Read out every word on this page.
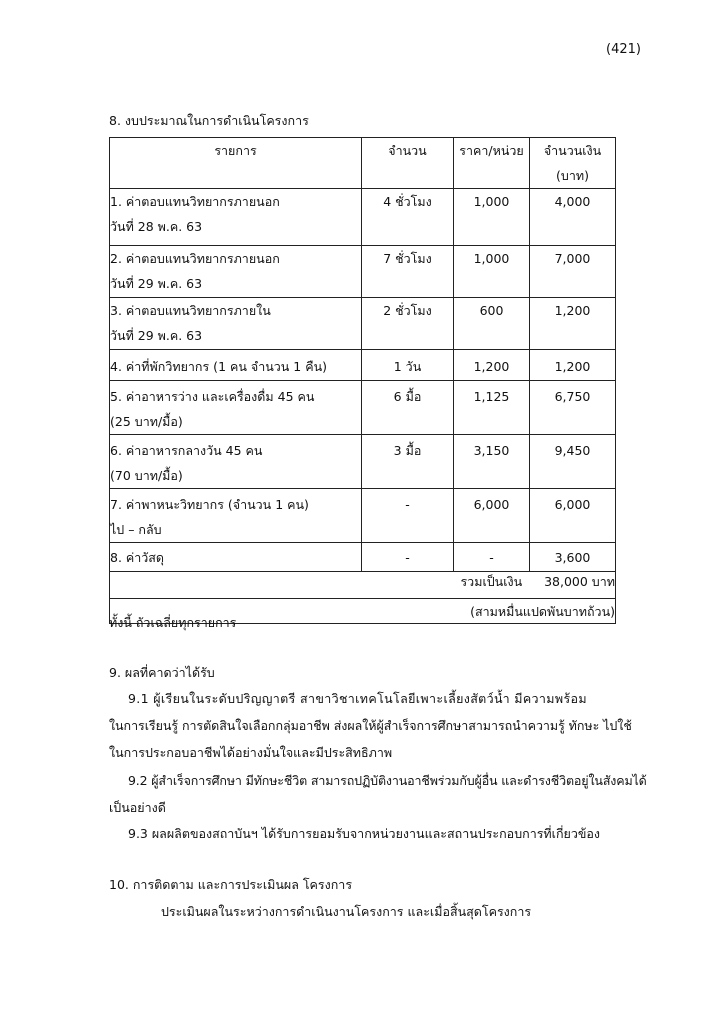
(421)
8. งบประมาณในการดำเนินโครงการ
รายการ	จำนวน	ราคา/หน่วย	จำนวนเงิน
(บาท)

1. ค่าตอบแทนวิทยากรภายนอก
วันที่ 28 พ.ค. 63	4 ชั่วโมง	1,000	4,000

2. ค่าตอบแทนวิทยากรภายนอก
วันที่ 29 พ.ค. 63	7 ชั่วโมง	1,000	7,000

3. ค่าตอบแทนวิทยากรภายใน
วันที่ 29 พ.ค. 63	2 ชั่วโมง	600	1,200

4. ค่าที่พักวิทยากร (1 คน จำนวน 1 คืน)	1 วัน	1,200	1,200

5. ค่าอาหารว่าง และเครื่องดื่ม 45 คน
(25 บาท/มื้อ)	6 มื้อ	1,125	6,750

6. ค่าอาหารกลางวัน 45 คน
(70 บาท/มื้อ)	3 มื้อ	3,150	9,450

7. ค่าพาหนะวิทยากร (จำนวน 1 คน)
ไป – กลับ	-	6,000	6,000

8. ค่าวัสดุ	-	-	3,600
รวมเป็นเงิน 38,000 บาท			
(สามหมื่นแปดพันบาทถ้วน)			
ทั้งนี้ ถัวเฉลี่ยทุกรายการ
9. ผลที่คาดว่าได้รับ
9.1 ผู้เรียนในระดับปริญญาตรี สาขาวิชาเทคโนโลยีเพาะเลี้ยงสัตว์น้ำ มีความพร้อม
ในการเรียนรู้ การตัดสินใจเลือกกลุ่มอาชีพ ส่งผลให้ผู้สำเร็จการศึกษาสามารถนำความรู้ ทักษะ ไปใช้
ในการประกอบอาชีพได้อย่างมั่นใจและมีประสิทธิภาพ
9.2 ผู้สำเร็จการศึกษา มีทักษะชีวิต สามารถปฏิบัติงานอาชีพร่วมกับผู้อื่น และดำรงชีวิตอยู่ในสังคมได้
เป็นอย่างดี
9.3 ผลผลิตของสถาบันฯ ได้รับการยอมรับจากหน่วยงานและสถานประกอบการที่เกี่ยวข้อง
10. การติดตาม และการประเมินผล โครงการ
ประเมินผลในระหว่างการดำเนินงานโครงการ และเมื่อสิ้นสุดโครงการ
